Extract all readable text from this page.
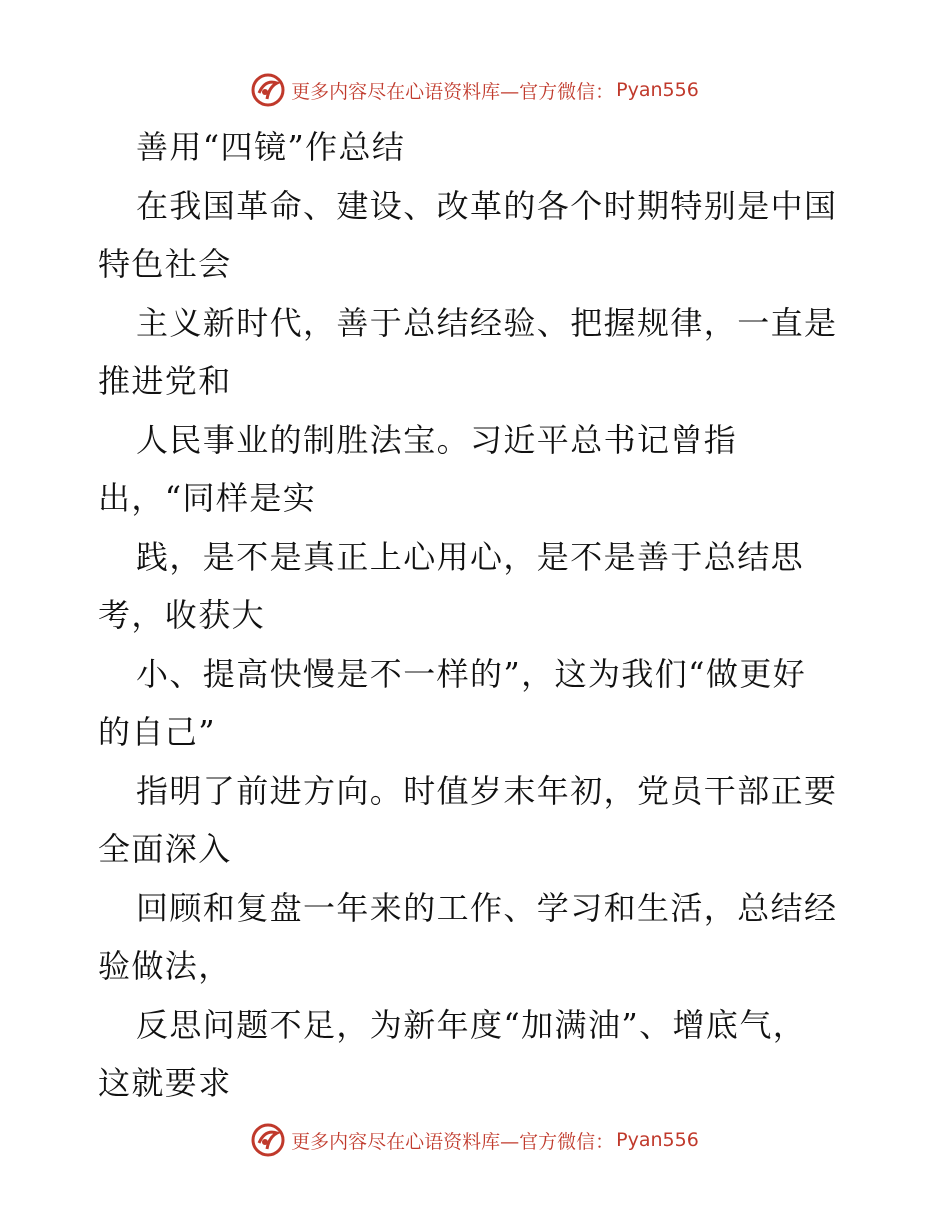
更多内容尽在心语资料库—官方微信： Pyan556
善用“四镜”作总结
在我国革命、建设、改革的各个时期特别是中国
特色社会
主义新时代，善于总结经验、把握规律，一直是
推进党和
人民事业的制胜法宝。习近平总书记曾指
出，“同样是实
践，是不是真正上心用心，是不是善于总结思
考，收获大
小、提高快慢是不一样的”，这为我们“做更好
的自己”
指明了前进方向。时值岁末年初，党员干部正要
全面深入
回顾和复盘一年来的工作、学习和生活，总结经
验做法，
反思问题不足，为新年度“加满油”、增底气，
这就要求
更多内容尽在心语资料库—官方微信： Pyan556
